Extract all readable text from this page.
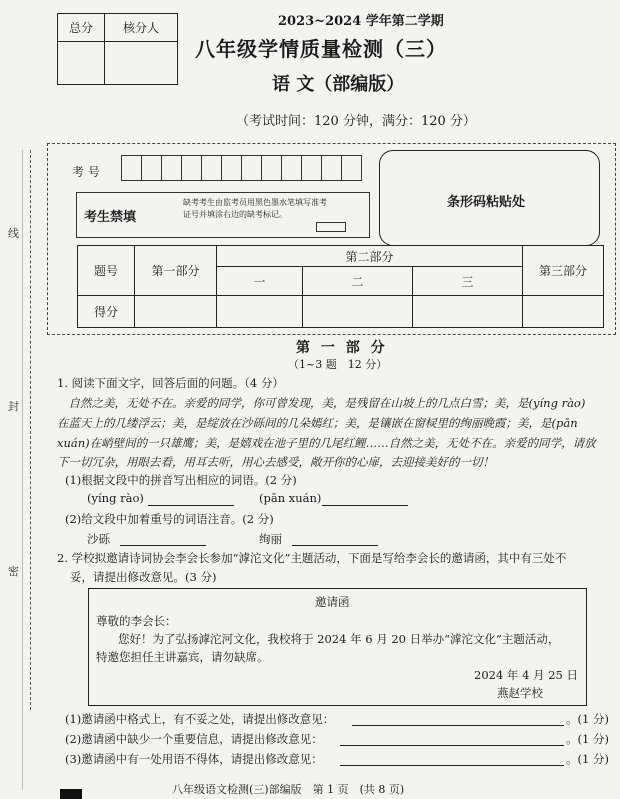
线
封
密
总分	核分人	2023~2024 学年第二学期
八年级学情质量检测（三）
语 文（部编版）
（考试时间：120 分钟，满分：120 分）
考 号
考生禁填
缺考考生由监考员用黑色墨水笔填写准考证号并填涂右边的缺考标记。
条形码粘贴处
题号	第一部分	第二部分			第三部分
		一	二	三	
得分					
第 一 部 分
（1~3 题　12 分）
1. 阅读下面文字，回答后面的问题。（4 分）
　自然之美，无处不在。亲爱的同学，你可曾发现，美，是残留在山坡上的几点白雪；美，是(yíng rào)
在蓝天上的几缕浮云；美，是绽放在沙砾间的几朵嫣红；美，是镶嵌在窗棂里的绚丽晚霞；美，是(pān
xuán)在峭壁间的一只雄鹰；美，是嬉戏在池子里的几尾红鲤……自然之美，无处不在。亲爱的同学，请放
下一切冗杂，用眼去看，用耳去听，用心去感受，敞开你的心扉，去迎接美好的一切！
(1)根据文段中的拼音写出相应的词语。(2 分)
(yíng rào)	(pān xuán)
(2)给文段中加着重号的词语注音。(2 分)
沙砾	绚丽
2. 学校拟邀请诗词协会李会长参加“滹沱文化”主题活动，下面是写给李会长的邀请函，其中有三处不
妥，请提出修改意见。(3 分)
邀请函
尊敬的李会长：
您好！为了弘扬滹沱河文化，我校将于 2024 年 6 月 20 日举办“滹沱文化”主题活动，
特邀您担任主讲嘉宾，请勿缺席。
2024 年 4 月 25 日
燕赵学校
(1)邀请函中格式上，有不妥之处，请提出修改意见：	。(1 分)
(2)邀请函中缺少一个重要信息，请提出修改意见：	。(1 分)
(3)邀请函中有一处用语不得体，请提出修改意见：	。(1 分)
八年级语文检测(三)部编版　第 1 页　(共 8 页)
